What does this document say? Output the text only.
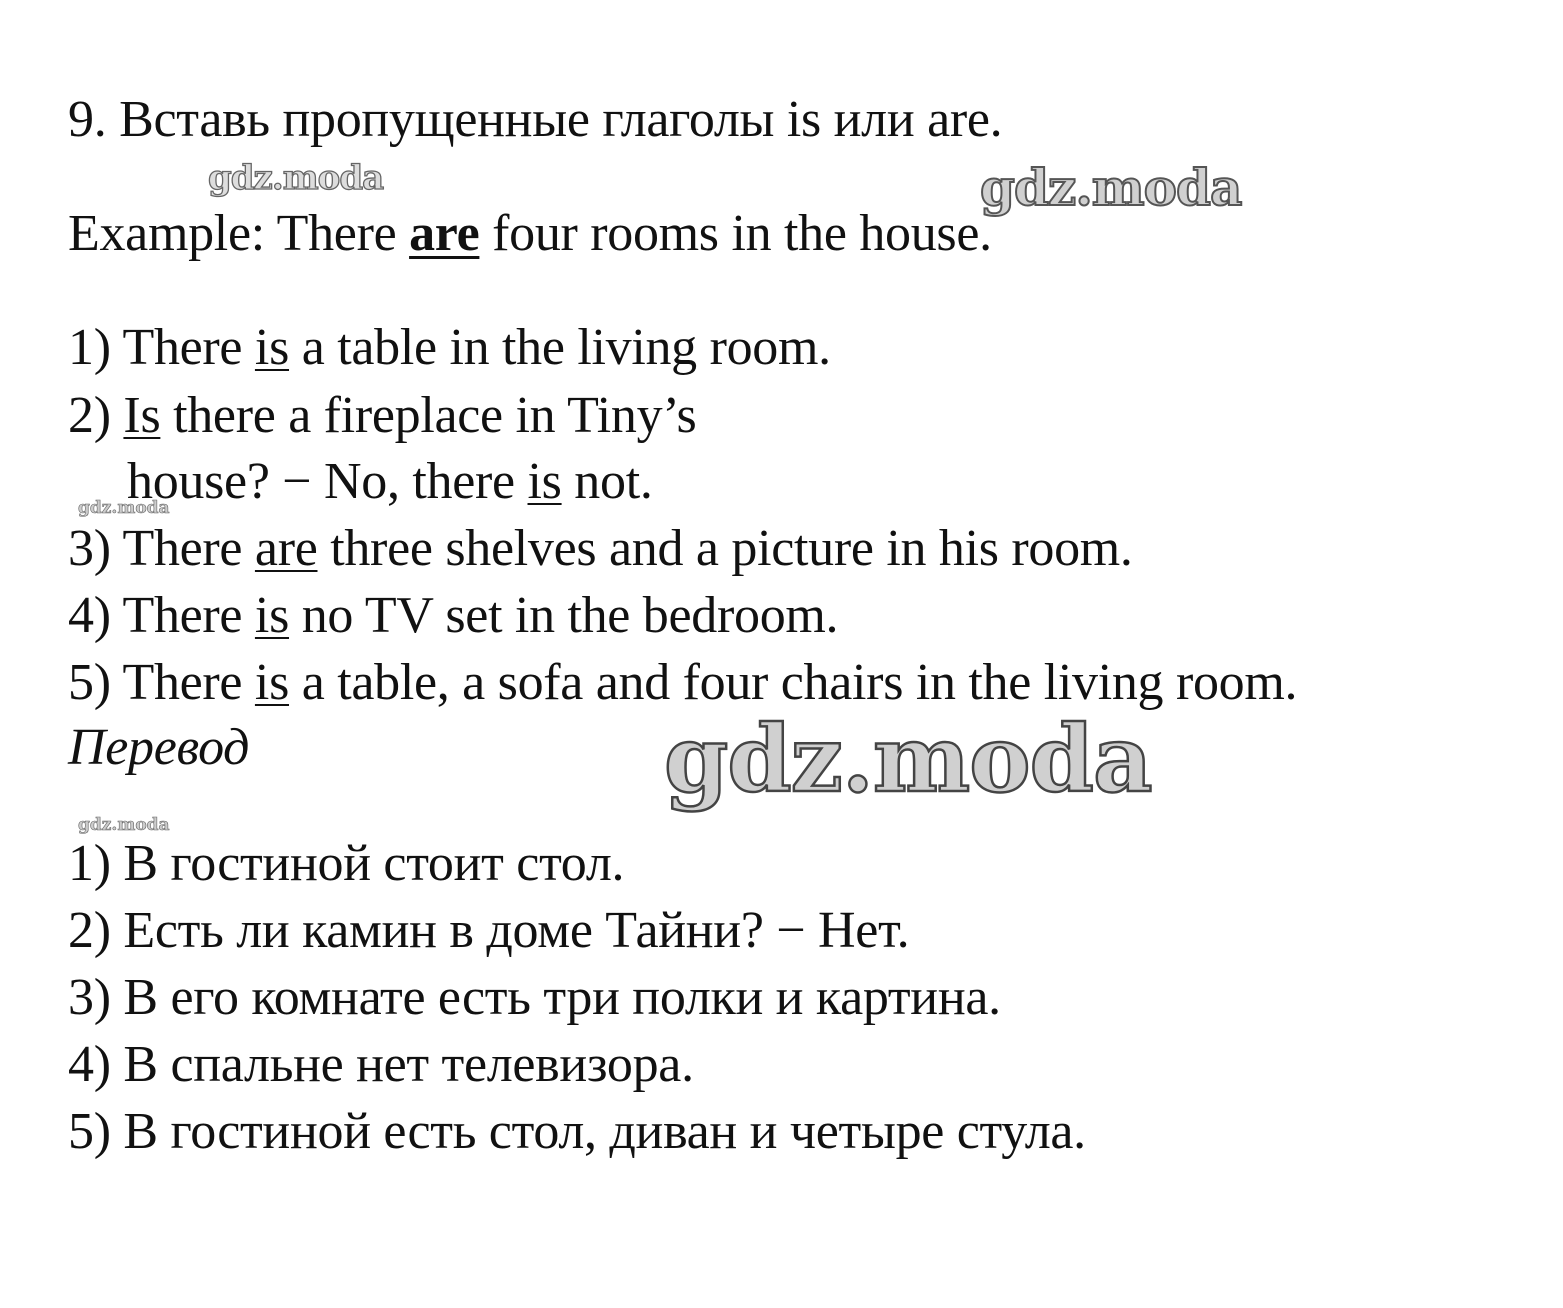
gdz.moda	gdz.moda
gdz.moda
gdz.moda
gdz.moda
9. Вставь пропущенные глаголы is или are.
Example: There are four rooms in the house.
1) There is a table in the living room.
2) Is there a fireplace in Tiny’s
house? − No, there is not.
3) There are three shelves and a picture in his room.
4) There is no TV set in the bedroom.
5) There is a table, a sofa and four chairs in the living room.
Перевод
1) В гостиной стоит стол.
2) Есть ли камин в доме Тайни? − Нет.
3) В его комнате есть три полки и картина.
4) В спальне нет телевизора.
5) В гостиной есть стол, диван и четыре стула.
